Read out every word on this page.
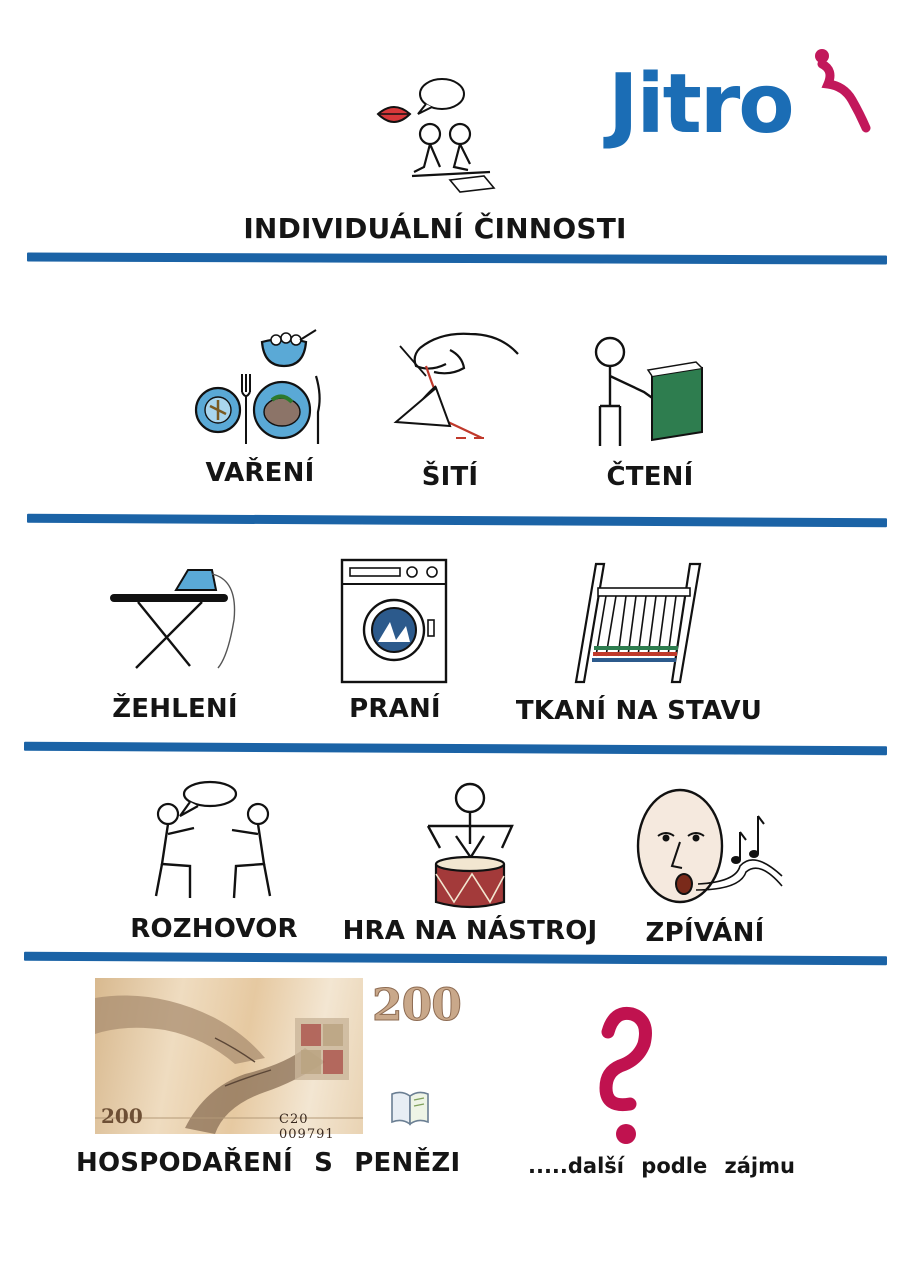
Jitro
INDIVIDUÁLNÍ ČINNOSTI
VAŘENÍ	ŠITÍ	ČTENÍ
ŽEHLENÍ	PRANÍ	TKANÍ NA STAVU
ROZHOVOR	HRA NA NÁSTROJ	ZPÍVÁNÍ
200	C20 009791
200
HOSPODAŘENÍ S PENĚZI	.....další podle zájmu
